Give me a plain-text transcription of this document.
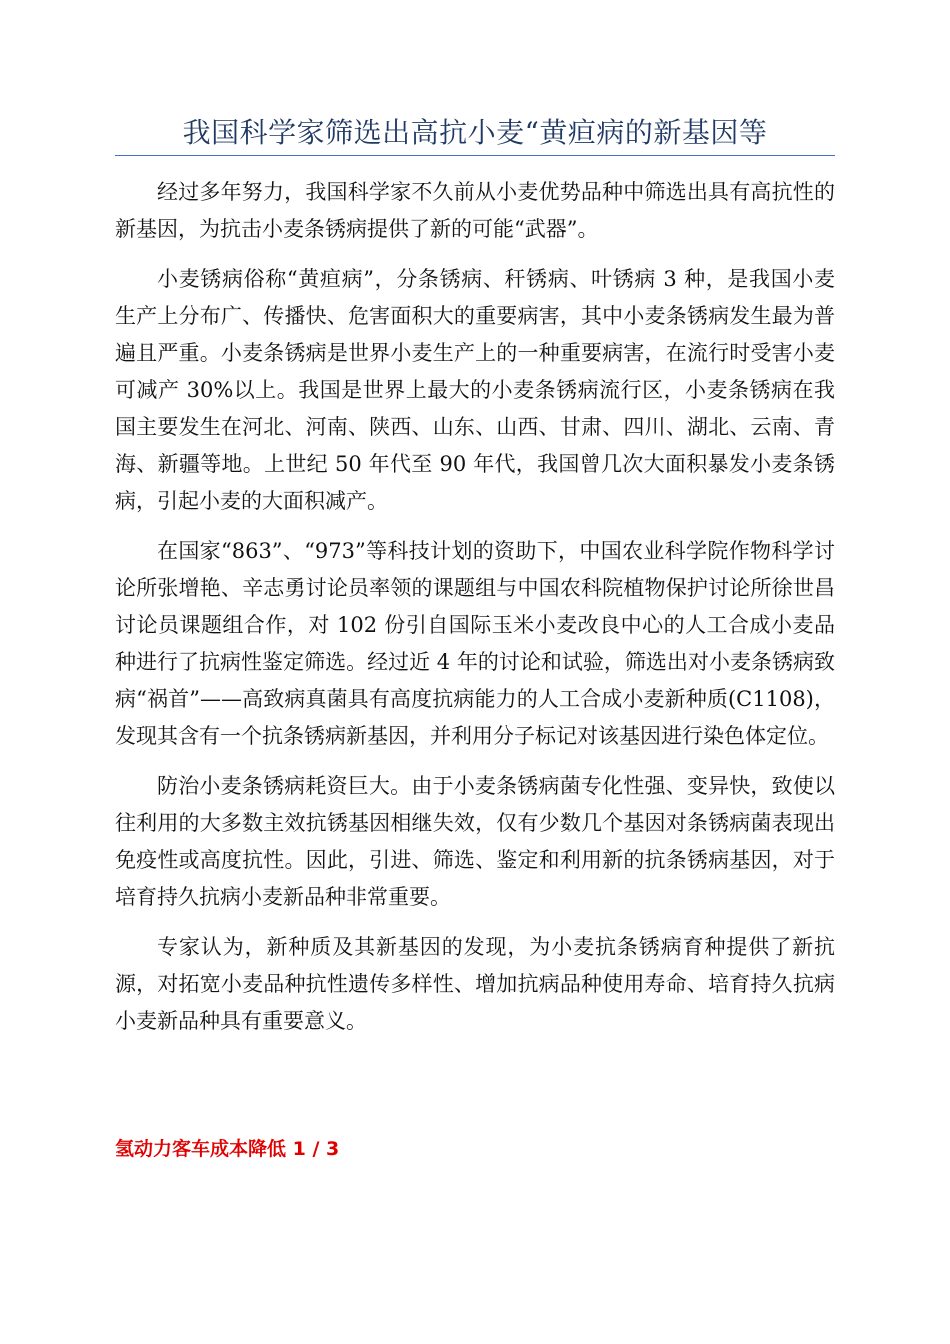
我国科学家筛选出高抗小麦“黄疸病的新基因等

经过多年努力，我国科学家不久前从小麦优势品种中筛选出具有高抗性的新基因，为抗击小麦条锈病提供了新的可能“武器”。

小麦锈病俗称“黄疸病”，分条锈病、秆锈病、叶锈病 3 种，是我国小麦生产上分布广、传播快、危害面积大的重要病害，其中小麦条锈病发生最为普遍且严重。小麦条锈病是世界小麦生产上的一种重要病害，在流行时受害小麦可减产 30%以上。我国是世界上最大的小麦条锈病流行区，小麦条锈病在我国主要发生在河北、河南、陕西、山东、山西、甘肃、四川、湖北、云南、青海、新疆等地。上世纪 50 年代至 90 年代，我国曾几次大面积暴发小麦条锈病，引起小麦的大面积减产。

在国家“863”、“973”等科技计划的资助下，中国农业科学院作物科学讨论所张增艳、辛志勇讨论员率领的课题组与中国农科院植物保护讨论所徐世昌讨论员课题组合作，对 102 份引自国际玉米小麦改良中心的人工合成小麦品种进行了抗病性鉴定筛选。经过近 4 年的讨论和试验，筛选出对小麦条锈病致病“祸首”——高致病真菌具有高度抗病能力的人工合成小麦新种质(C1108)，发现其含有一个抗条锈病新基因，并利用分子标记对该基因进行染色体定位。

防治小麦条锈病耗资巨大。由于小麦条锈病菌专化性强、变异快，致使以往利用的大多数主效抗锈基因相继失效，仅有少数几个基因对条锈病菌表现出免疫性或高度抗性。因此，引进、筛选、鉴定和利用新的抗条锈病基因，对于培育持久抗病小麦新品种非常重要。

专家认为，新种质及其新基因的发现，为小麦抗条锈病育种提供了新抗源，对拓宽小麦品种抗性遗传多样性、增加抗病品种使用寿命、培育持久抗病小麦新品种具有重要意义。

氢动力客车成本降低 1 / 3
